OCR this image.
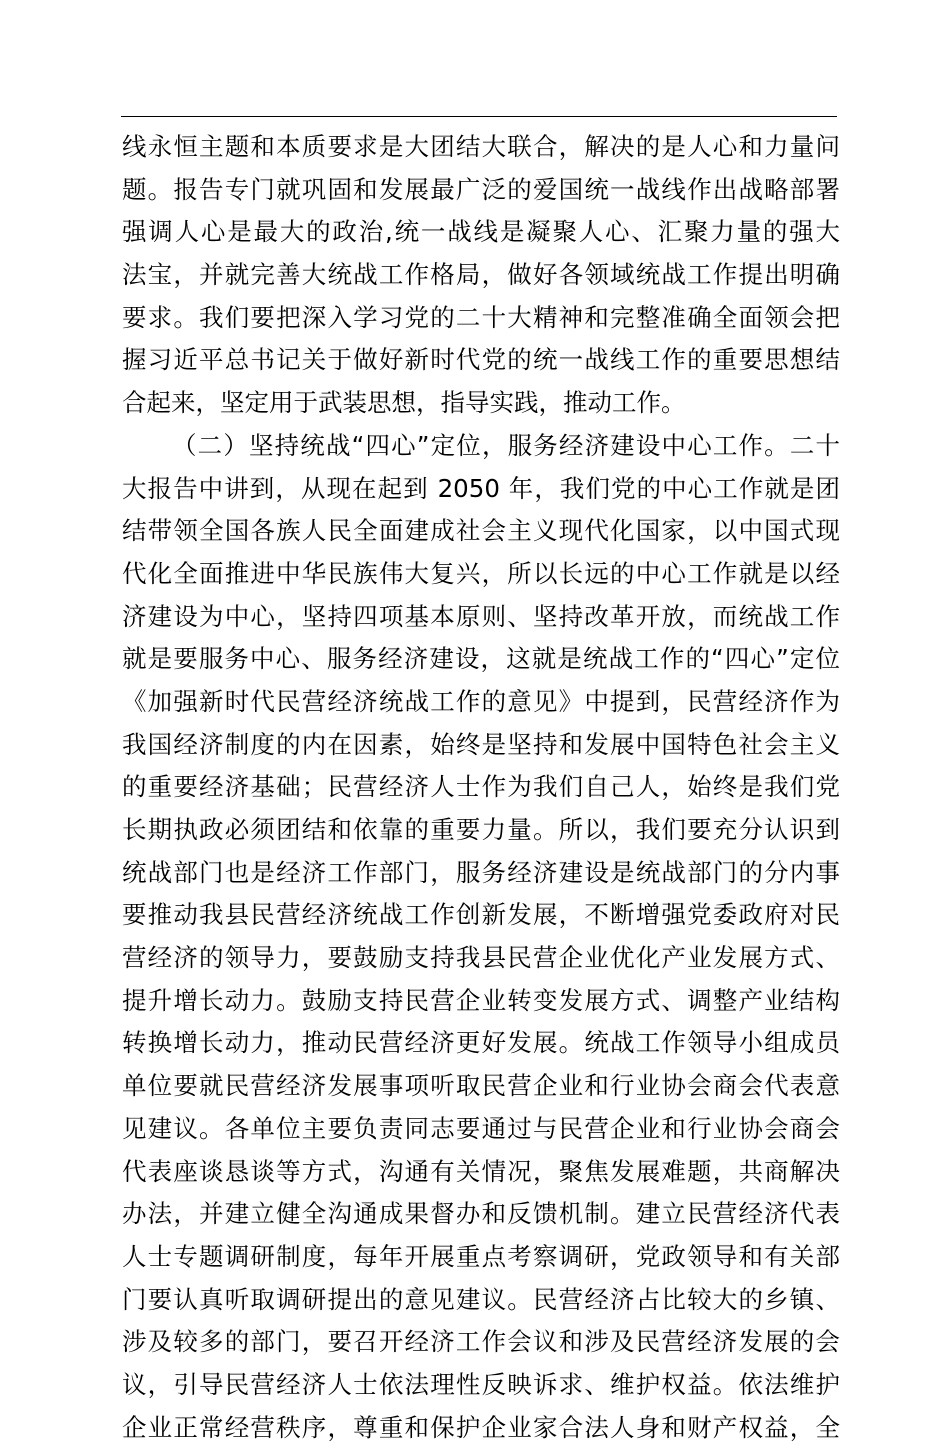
线永恒主题和本质要求是大团结大联合，解决的是人心和力量问
题。报告专门就巩固和发展最广泛的爱国统一战线作出战略部署
强调人心是最大的政治,统一战线是凝聚人心、汇聚力量的强大
法宝，并就完善大统战工作格局，做好各领域统战工作提出明确
要求。我们要把深入学习党的二十大精神和完整准确全面领会把
握习近平总书记关于做好新时代党的统一战线工作的重要思想结
合起来，坚定用于武装思想，指导实践，推动工作。
（二）坚持统战“四心”定位，服务经济建设中心工作。二十
大报告中讲到，从现在起到 2050 年，我们党的中心工作就是团
结带领全国各族人民全面建成社会主义现代化国家，以中国式现
代化全面推进中华民族伟大复兴，所以长远的中心工作就是以经
济建设为中心，坚持四项基本原则、坚持改革开放，而统战工作
就是要服务中心、服务经济建设，这就是统战工作的“四心”定位
《加强新时代民营经济统战工作的意见》中提到，民营经济作为
我国经济制度的内在因素，始终是坚持和发展中国特色社会主义
的重要经济基础；民营经济人士作为我们自己人，始终是我们党
长期执政必须团结和依靠的重要力量。所以，我们要充分认识到
统战部门也是经济工作部门，服务经济建设是统战部门的分内事
要推动我县民营经济统战工作创新发展，不断增强党委政府对民
营经济的领导力，要鼓励支持我县民营企业优化产业发展方式、
提升增长动力。鼓励支持民营企业转变发展方式、调整产业结构
转换增长动力，推动民营经济更好发展。统战工作领导小组成员
单位要就民营经济发展事项听取民营企业和行业协会商会代表意
见建议。各单位主要负责同志要通过与民营企业和行业协会商会
代表座谈恳谈等方式，沟通有关情况，聚焦发展难题，共商解决
办法，并建立健全沟通成果督办和反馈机制。建立民营经济代表
人士专题调研制度，每年开展重点考察调研，党政领导和有关部
门要认真听取调研提出的意见建议。民营经济占比较大的乡镇、
涉及较多的部门，要召开经济工作会议和涉及民营经济发展的会
议，引导民营经济人士依法理性反映诉求、维护权益。依法维护
企业正常经营秩序，尊重和保护企业家合法人身和财产权益，全
